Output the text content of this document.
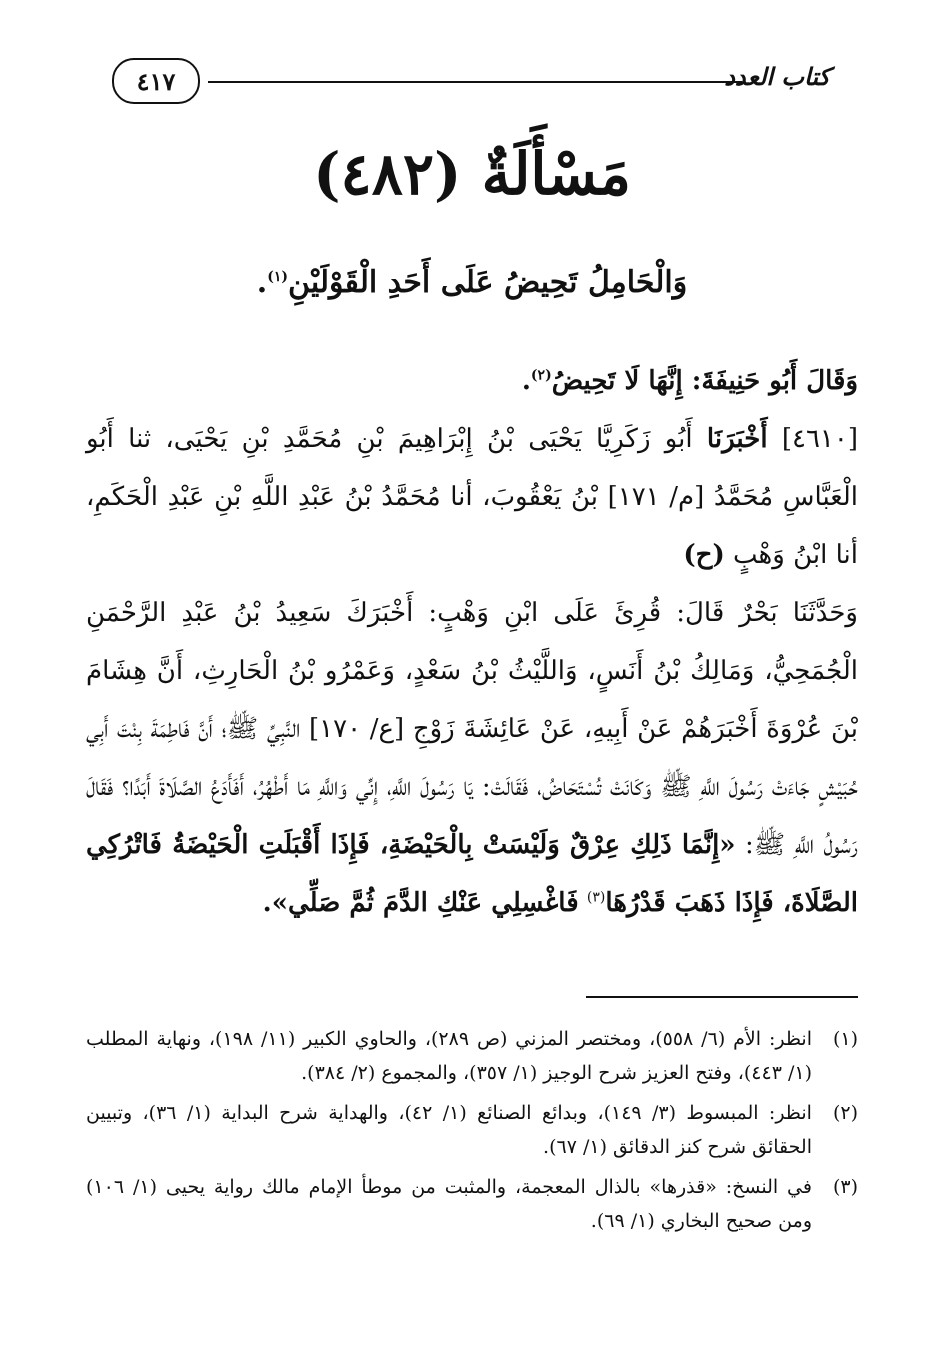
كتاب العدد
٤١٧
مَسْأَلَةٌ (٤٨٢)
وَالْحَامِلُ تَحِيضُ عَلَى أَحَدِ الْقَوْلَيْنِ$^{(١)}$.

وَقَالَ أَبُو حَنِيفَةَ: إِنَّهَا لَا تَحِيضُ$^{(٢)}$.

[٤٦١٠] أَخْبَرَنَا أَبُو زَكَرِيَّا يَحْيَى بْنُ إِبْرَاهِيمَ بْنِ مُحَمَّدِ بْنِ يَحْيَى، ثنا أَبُو الْعَبَّاسِ مُحَمَّدُ [م/ ١٧١] بْنُ يَعْقُوبَ، أنا مُحَمَّدُ بْنُ عَبْدِ اللَّهِ بْنِ عَبْدِ الْحَكَمِ، أنا ابْنُ وَهْبٍ (ح)

وَحَدَّثَنَا بَحْرٌ قَالَ: قُرِئَ عَلَى ابْنِ وَهْبٍ: أَخْبَرَكَ سَعِيدُ بْنُ عَبْدِ الرَّحْمَنِ الْجُمَحِيُّ، وَمَالِكُ بْنُ أَنَسٍ، وَاللَّيْثُ بْنُ سَعْدٍ، وَعَمْرُو بْنُ الْحَارِثِ، أَنَّ هِشَامَ بْنَ عُرْوَةَ أَخْبَرَهُمْ عَنْ أَبِيهِ، عَنْ عَائِشَةَ زَوْجِ [ع/ ١٧٠] النَّبِيِّ ﷺ؛ أَنَّ فَاطِمَةَ بِنْتَ أَبِي حُبَيْشٍ جَاءَتْ رَسُولَ اللَّهِ ﷺ وَكَانَتْ تُسْتَحَاضُ، فَقَالَتْ: يَا رَسُولَ اللَّهِ، إِنِّي وَاللَّهِ مَا أَطْهُرُ، أَفَأَدَعُ الصَّلَاةَ أَبَدًا؟ فَقَالَ رَسُولُ اللَّهِ ﷺ: «إِنَّمَا ذَلِكِ عِرْقٌ وَلَيْسَتْ بِالْحَيْضَةِ، فَإِذَا أَقْبَلَتِ الْحَيْضَةُ فَاتْرُكِي الصَّلَاةَ، فَإِذَا ذَهَبَ قَدْرُهَا$^{(٣)}$ فَاغْسِلِي عَنْكِ الدَّمَ ثُمَّ صَلِّي».

(١)
انظر: الأم (٦/ ٥٥٨)، ومختصر المزني (ص ٢٨٩)، والحاوي الكبير (١١/ ١٩٨)، ونهاية المطلب (١/ ٤٤٣)، وفتح العزيز شرح الوجيز (١/ ٣٥٧)، والمجموع (٢/ ٣٨٤).
(٢)
انظر: المبسوط (٣/ ١٤٩)، وبدائع الصنائع (١/ ٤٢)، والهداية شرح البداية (١/ ٣٦)، وتبيين الحقائق شرح كنز الدقائق (١/ ٦٧).
(٣)
في النسخ: «قذرها» بالذال المعجمة، والمثبت من موطأ الإمام مالك رواية يحيى (١/ ١٠٦) ومن صحيح البخاري (١/ ٦٩).
